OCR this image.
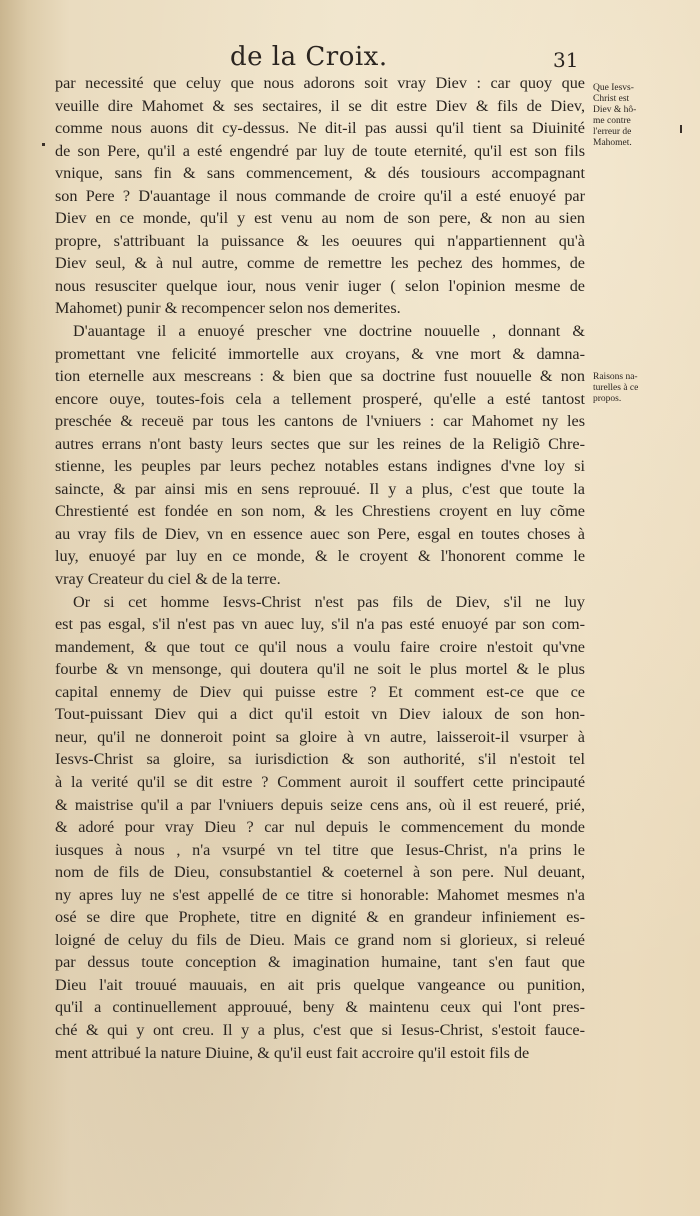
de la Croix.	31
Que Iesvs-
Christ est
Diev & hô-
me contre
l'erreur de
Mahomet.
Raisons na-
turelles à ce
propos.
par necessité que celuy que nous adorons soit vray Diev : car quoy que
veuille dire Mahomet & ses sectaires, il se dit estre Diev & fils de Diev,
comme nous auons dit cy-dessus. Ne dit-il pas aussi qu'il tient sa Diuinité
de son Pere, qu'il a esté engendré par luy de toute eternité, qu'il est son fils
vnique, sans fin & sans commencement, & dés tousiours accompagnant
son Pere ? D'auantage il nous commande de croire qu'il a esté enuoyé par
Diev en ce monde, qu'il y est venu au nom de son pere, & non au sien
propre, s'attribuant la puissance & les oeuures qui n'appartiennent qu'à
Diev seul, & à nul autre, comme de remettre les pechez des hommes, de
nous resusciter quelque iour, nous venir iuger ( selon l'opinion mesme de
Mahomet) punir & recompencer selon nos demerites.
D'auantage il a enuoyé prescher vne doctrine nouuelle , donnant &
promettant vne felicité immortelle aux croyans, & vne mort & damna-
tion eternelle aux mescreans : & bien que sa doctrine fust nouuelle & non
encore ouye, toutes-fois cela a tellement prosperé, qu'elle a esté tantost
preschée & receuë par tous les cantons de l'vniuers : car Mahomet ny les
autres errans n'ont basty leurs sectes que sur les reines de la Religiõ Chre-
stienne, les peuples par leurs pechez notables estans indignes d'vne loy si
saincte, & par ainsi mis en sens reprouué. Il y a plus, c'est que toute la
Chrestienté est fondée en son nom, & les Chrestiens croyent en luy cõme
au vray fils de Diev, vn en essence auec son Pere, esgal en toutes choses à
luy, enuoyé par luy en ce monde, & le croyent & l'honorent comme le
vray Createur du ciel & de la terre.
Or si cet homme Iesvs-Christ n'est pas fils de Diev, s'il ne luy
est pas esgal, s'il n'est pas vn auec luy, s'il n'a pas esté enuoyé par son com-
mandement, & que tout ce qu'il nous a voulu faire croire n'estoit qu'vne
fourbe & vn mensonge, qui doutera qu'il ne soit le plus mortel & le plus
capital ennemy de Diev qui puisse estre ? Et comment est-ce que ce
Tout-puissant Diev qui a dict qu'il estoit vn Diev ialoux de son hon-
neur, qu'il ne donneroit point sa gloire à vn autre, laisseroit-il vsurper à
Iesvs-Christ sa gloire, sa iurisdiction & son authorité, s'il n'estoit tel
à la verité qu'il se dit estre ? Comment auroit il souffert cette principauté
& maistrise qu'il a par l'vniuers depuis seize cens ans, où il est reueré, prié,
& adoré pour vray Dieu ? car nul depuis le commencement du monde
iusques à nous , n'a vsurpé vn tel titre que Iesus-Christ, n'a prins le
nom de fils de Dieu, consubstantiel & coeternel à son pere. Nul deuant,
ny apres luy ne s'est appellé de ce titre si honorable: Mahomet mesmes n'a
osé se dire que Prophete, titre en dignité & en grandeur infiniement es-
loigné de celuy du fils de Dieu. Mais ce grand nom si glorieux, si releué
par dessus toute conception & imagination humaine, tant s'en faut que
Dieu l'ait trouué mauuais, en ait pris quelque vangeance ou punition,
qu'il a continuellement approuué, beny & maintenu ceux qui l'ont pres-
ché & qui y ont creu. Il y a plus, c'est que si Iesus-Christ, s'estoit fauce-
ment attribué la nature Diuine, & qu'il eust fait accroire qu'il estoit fils de
